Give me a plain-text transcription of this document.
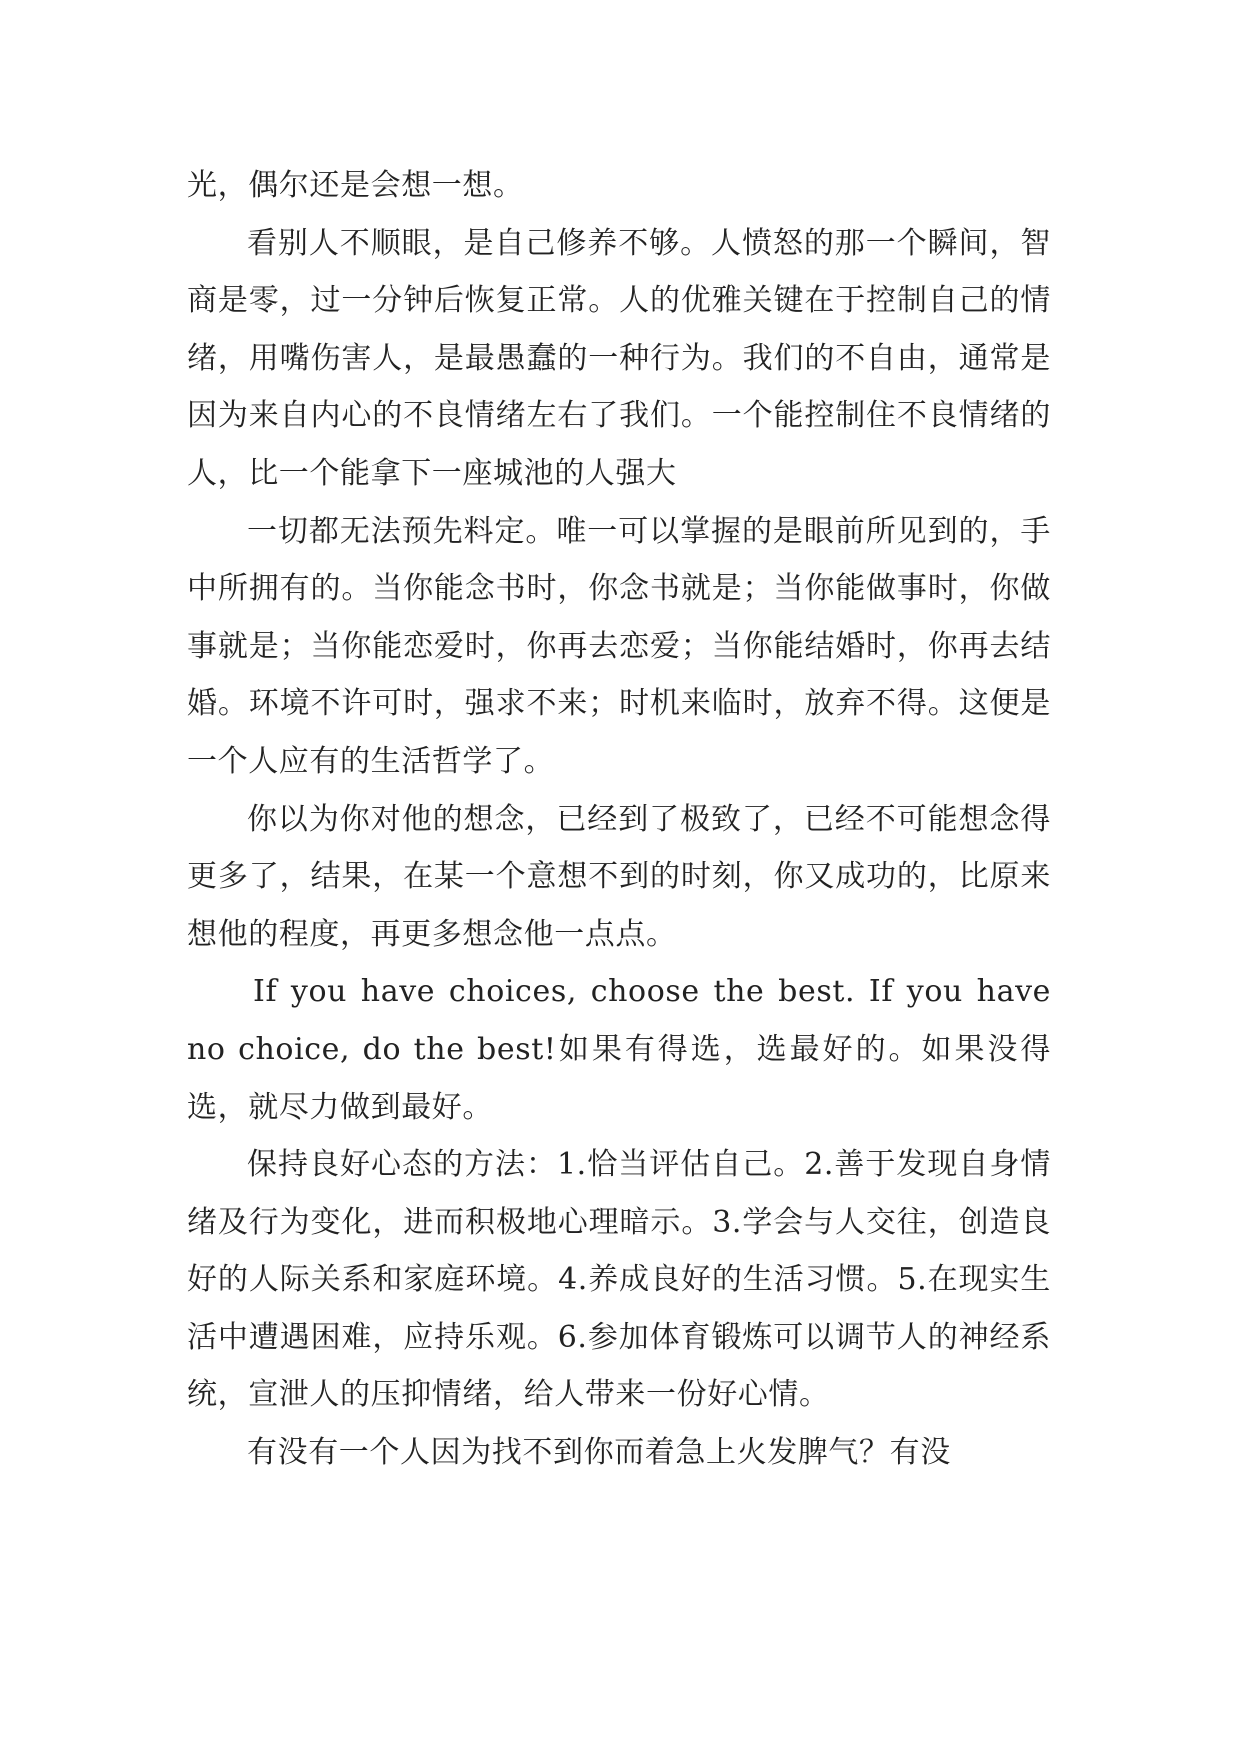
光，偶尔还是会想一想。

看别人不顺眼，是自己修养不够。人愤怒的那一个瞬间，智商是零，过一分钟后恢复正常。人的优雅关键在于控制自己的情绪，用嘴伤害人，是最愚蠢的一种行为。我们的不自由，通常是因为来自内心的不良情绪左右了我们。一个能控制住不良情绪的人，比一个能拿下一座城池的人强大

一切都无法预先料定。唯一可以掌握的是眼前所见到的，手中所拥有的。当你能念书时，你念书就是；当你能做事时，你做事就是；当你能恋爱时，你再去恋爱；当你能结婚时，你再去结婚。环境不许可时，强求不来；时机来临时，放弃不得。这便是一个人应有的生活哲学了。

你以为你对他的想念，已经到了极致了，已经不可能想念得更多了，结果，在某一个意想不到的时刻，你又成功的，比原来想他的程度，再更多想念他一点点。

If you have choices, choose the best. If you have no choice, do the best!如果有得选，选最好的。如果没得选，就尽力做到最好。

保持良好心态的方法：1.恰当评估自己。2.善于发现自身情绪及行为变化，进而积极地心理暗示。3.学会与人交往，创造良好的人际关系和家庭环境。4.养成良好的生活习惯。5.在现实生活中遭遇困难，应持乐观。6.参加体育锻炼可以调节人的神经系统，宣泄人的压抑情绪，给人带来一份好心情。

有没有一个人因为找不到你而着急上火发脾气？有没
